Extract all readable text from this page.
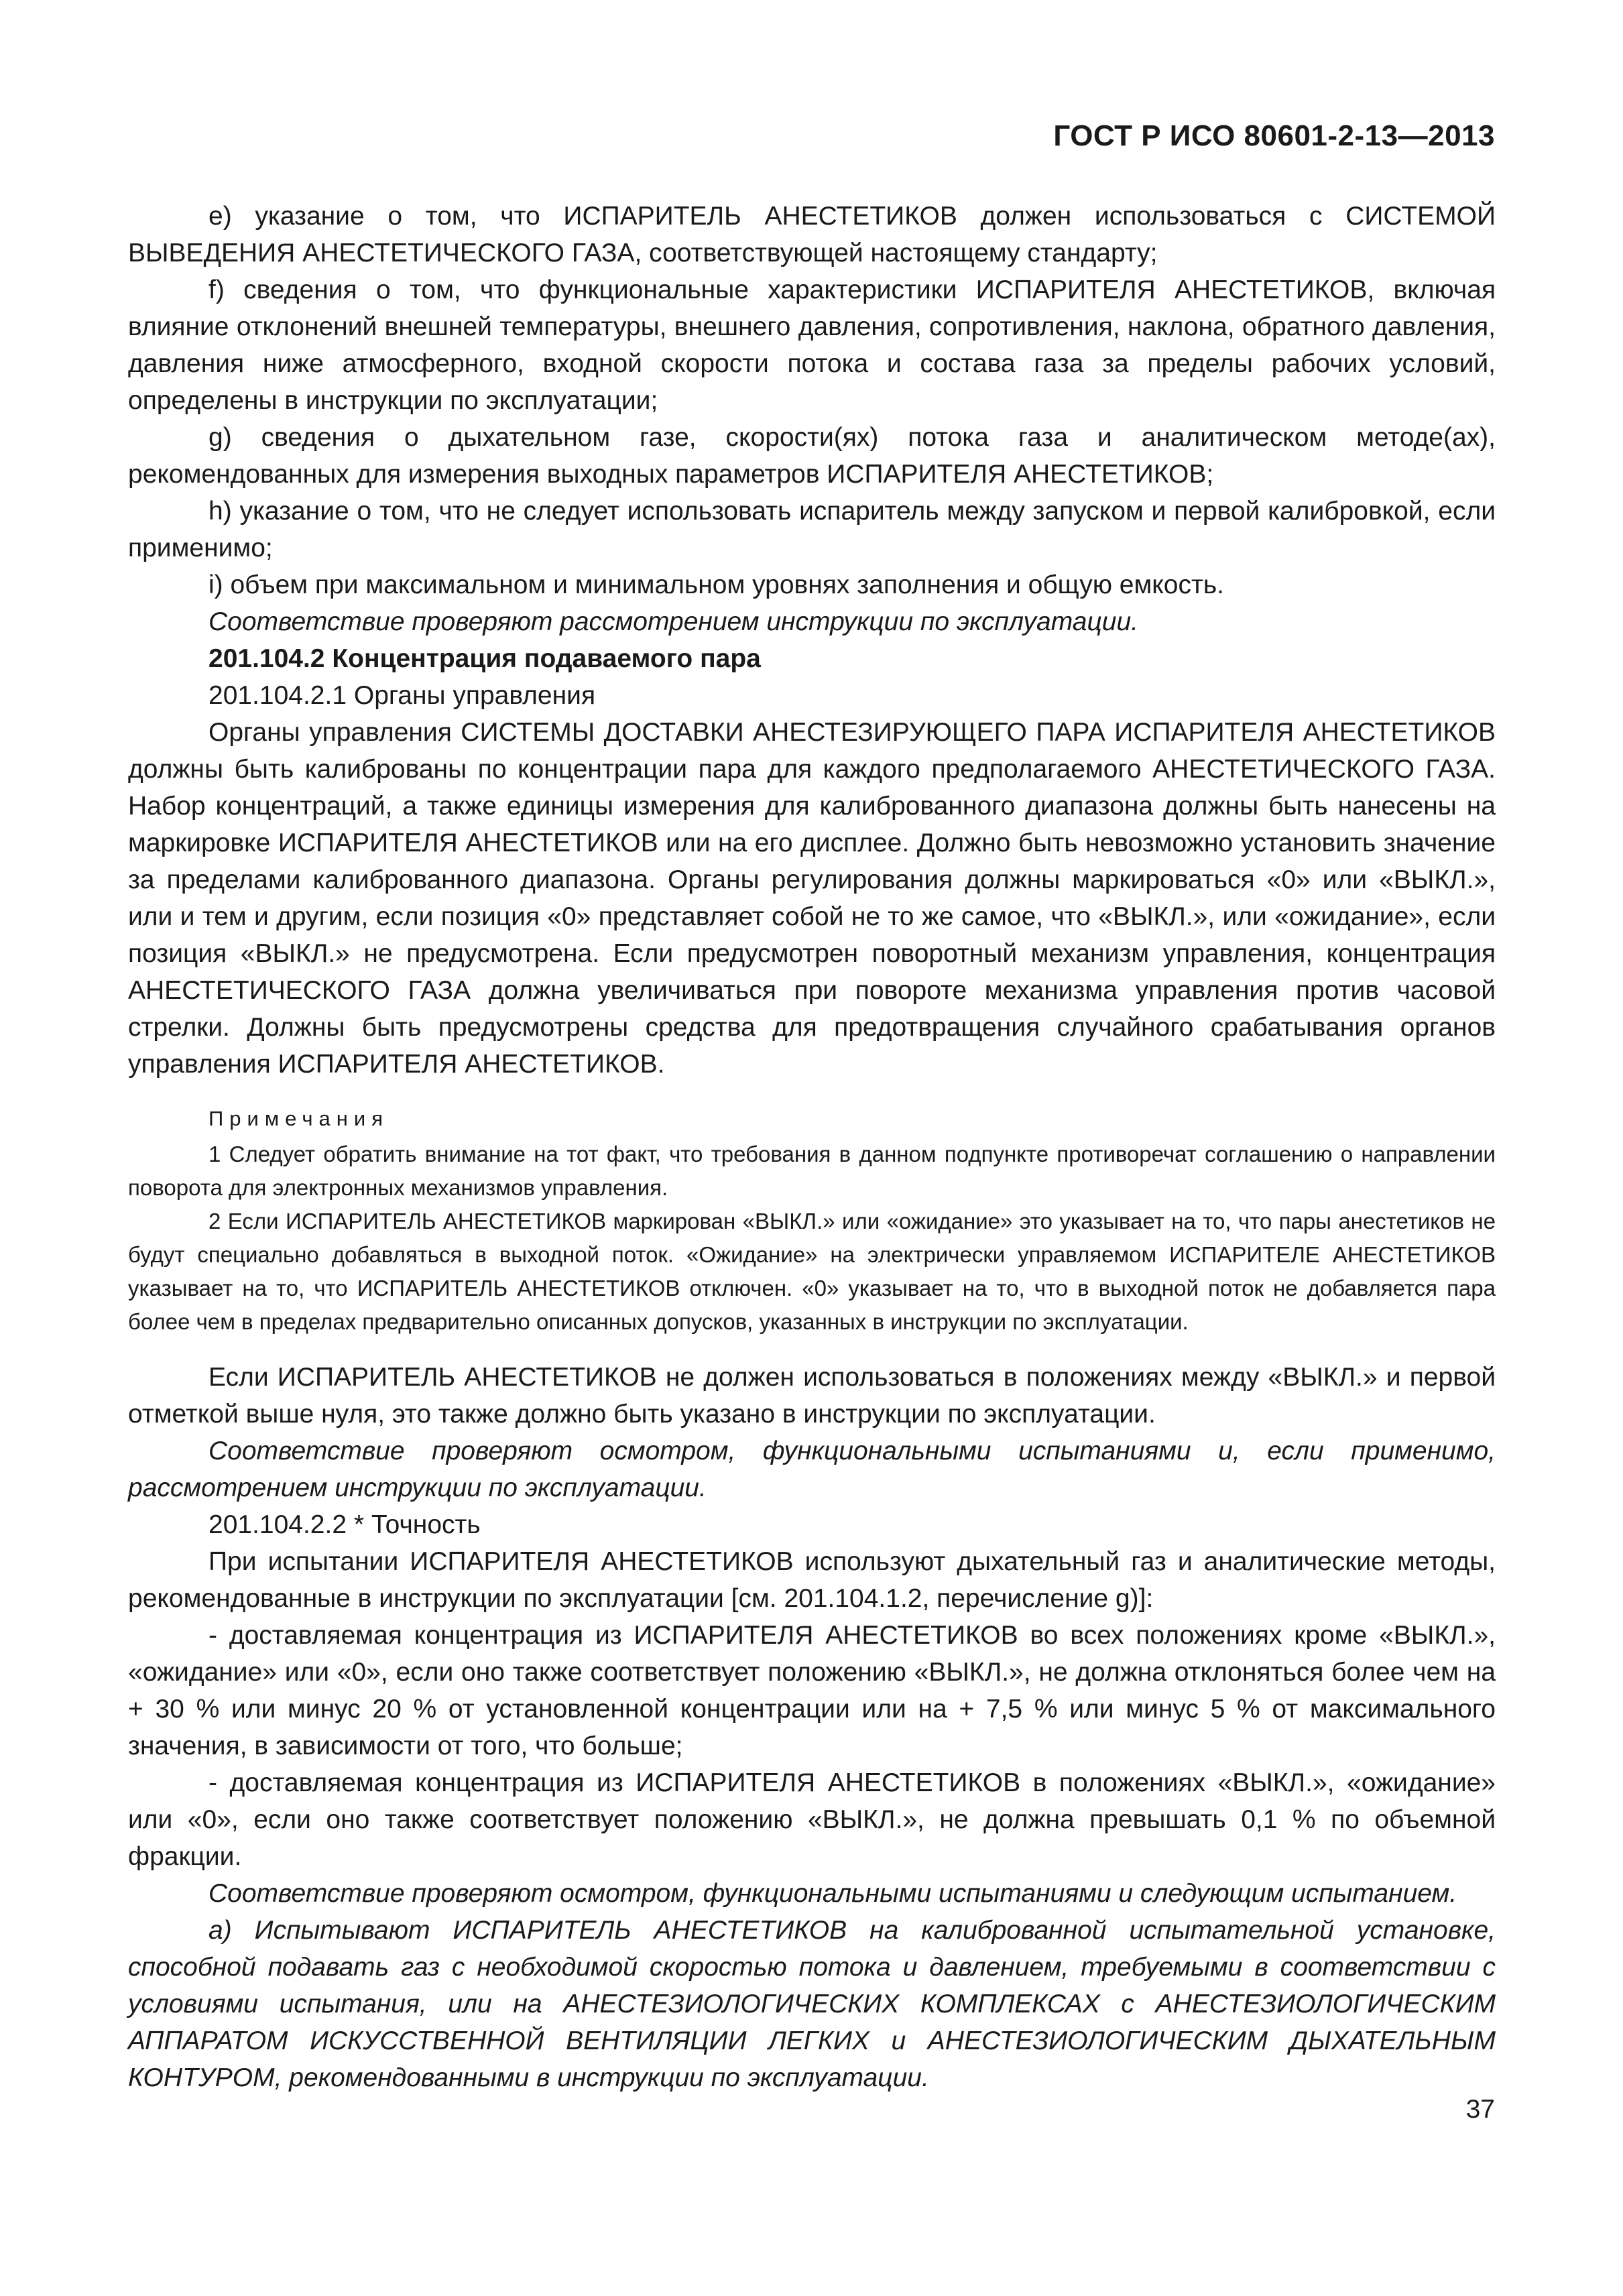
ГОСТ Р ИСО 80601-2-13—2013

e) указание о том, что ИСПАРИТЕЛЬ АНЕСТЕТИКОВ должен использоваться с СИСТЕМОЙ ВЫВЕДЕНИЯ АНЕСТЕТИЧЕСКОГО ГАЗА, соответствующей настоящему стандарту;

f) сведения о том, что функциональные характеристики ИСПАРИТЕЛЯ АНЕСТЕТИКОВ, включая влияние отклонений внешней температуры, внешнего давления, сопротивления, наклона, обратного давления, давления ниже атмосферного, входной скорости потока и состава газа за пределы рабочих условий, определены в инструкции по эксплуатации;

g) сведения о дыхательном газе, скорости(ях) потока газа и аналитическом методе(ах), рекомендованных для измерения выходных параметров ИСПАРИТЕЛЯ АНЕСТЕТИКОВ;

h) указание о том, что не следует использовать испаритель между запуском и первой калибровкой, если применимо;

i) объем при максимальном и минимальном уровнях заполнения и общую емкость.

Соответствие проверяют рассмотрением инструкции по эксплуатации.

201.104.2 Концентрация подаваемого пара

201.104.2.1 Органы управления

Органы управления СИСТЕМЫ ДОСТАВКИ АНЕСТЕЗИРУЮЩЕГО ПАРА ИСПАРИТЕЛЯ АНЕСТЕТИКОВ должны быть калиброваны по концентрации пара для каждого предполагаемого АНЕСТЕТИЧЕСКОГО ГАЗА. Набор концентраций, а также единицы измерения для калиброванного диапазона должны быть нанесены на маркировке ИСПАРИТЕЛЯ АНЕСТЕТИКОВ или на его дисплее. Должно быть невозможно установить значение за пределами калиброванного диапазона. Органы регулирования должны маркироваться «0» или «ВЫКЛ.», или и тем и другим, если позиция «0» представляет собой не то же самое, что «ВЫКЛ.», или «ожидание», если позиция «ВЫКЛ.» не предусмотрена. Если предусмотрен поворотный механизм управления, концентрация АНЕСТЕТИЧЕСКОГО ГАЗА должна увеличиваться при повороте механизма управления против часовой стрелки. Должны быть предусмотрены средства для предотвращения случайного срабатывания органов управления ИСПАРИТЕЛЯ АНЕСТЕТИКОВ.

Примечания

1 Следует обратить внимание на тот факт, что требования в данном подпункте противоречат соглашению о направлении поворота для электронных механизмов управления.

2 Если ИСПАРИТЕЛЬ АНЕСТЕТИКОВ маркирован «ВЫКЛ.» или «ожидание» это указывает на то, что пары анестетиков не будут специально добавляться в выходной поток. «Ожидание» на электрически управляемом ИСПАРИТЕЛЕ АНЕСТЕТИКОВ указывает на то, что ИСПАРИТЕЛЬ АНЕСТЕТИКОВ отключен. «0» указывает на то, что в выходной поток не добавляется пара более чем в пределах предварительно описанных допусков, указанных в инструкции по эксплуатации.

Если ИСПАРИТЕЛЬ АНЕСТЕТИКОВ не должен использоваться в положениях между «ВЫКЛ.» и первой отметкой выше нуля, это также должно быть указано в инструкции по эксплуатации.

Соответствие проверяют осмотром, функциональными испытаниями и, если применимо, рассмотрением инструкции по эксплуатации.

201.104.2.2 * Точность

При испытании ИСПАРИТЕЛЯ АНЕСТЕТИКОВ используют дыхательный газ и аналитические методы, рекомендованные в инструкции по эксплуатации [см. 201.104.1.2, перечисление g)]:

- доставляемая концентрация из ИСПАРИТЕЛЯ АНЕСТЕТИКОВ во всех положениях кроме «ВЫКЛ.», «ожидание» или «0», если оно также соответствует положению «ВЫКЛ.», не должна отклоняться более чем на + 30 % или минус 20 % от установленной концентрации или на + 7,5 % или минус 5 % от максимального значения, в зависимости от того, что больше;

- доставляемая концентрация из ИСПАРИТЕЛЯ АНЕСТЕТИКОВ в положениях «ВЫКЛ.», «ожидание» или «0», если оно также соответствует положению «ВЫКЛ.», не должна превышать 0,1 % по объемной фракции.

Соответствие проверяют осмотром, функциональными испытаниями и следующим испытанием.

а) Испытывают ИСПАРИТЕЛЬ АНЕСТЕТИКОВ на калиброванной испытательной установке, способной подавать газ с необходимой скоростью потока и давлением, требуемыми в соответствии с условиями испытания, или на АНЕСТЕЗИОЛОГИЧЕСКИХ КОМПЛЕКСАХ с АНЕСТЕЗИОЛОГИЧЕСКИМ АППАРАТОМ ИСКУССТВЕННОЙ ВЕНТИЛЯЦИИ ЛЕГКИХ и АНЕСТЕЗИОЛОГИЧЕСКИМ ДЫХАТЕЛЬНЫМ КОНТУРОМ, рекомендованными в инструкции по эксплуатации.

37
